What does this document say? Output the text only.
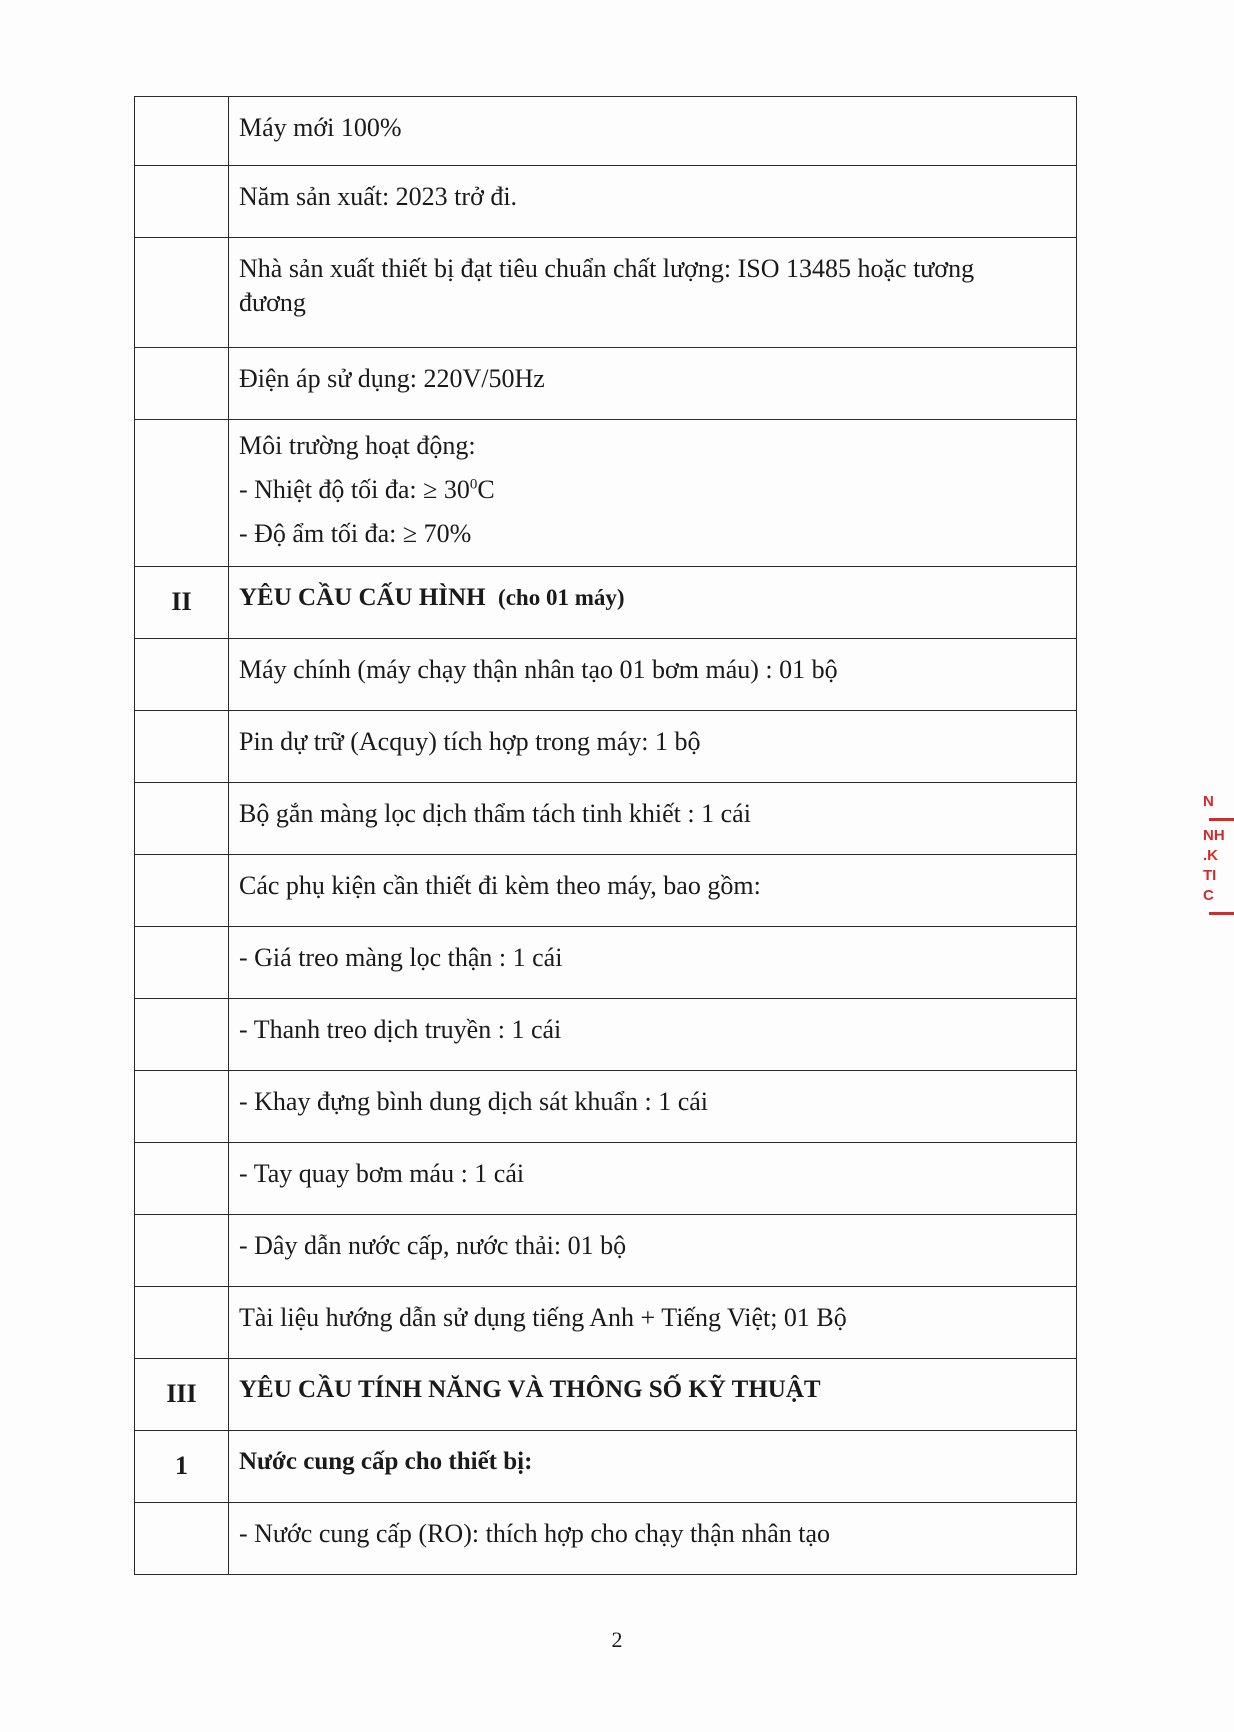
	Máy mới 100%

	Năm sản xuất: 2023 trở đi.

	Nhà sản xuất thiết bị đạt tiêu chuẩn chất lượng: ISO 13485 hoặc tương
đương

	Điện áp sử dụng: 220V/50Hz

	Môi trường hoạt động:
- Nhiệt độ tối đa: ≥ $30^0C$
- Độ ẩm tối đa: ≥ 70%

II	YÊU CẦU CẤU HÌNH (cho 01 máy)

	Máy chính (máy chạy thận nhân tạo 01 bơm máu) : 01 bộ

	Pin dự trữ (Acquy) tích hợp trong máy: 1 bộ

	Bộ gắn màng lọc dịch thẩm tách tinh khiết : 1 cái

	Các phụ kiện cần thiết đi kèm theo máy, bao gồm:

	- Giá treo màng lọc thận : 1 cái

	- Thanh treo dịch truyền : 1 cái

	- Khay đựng bình dung dịch sát khuẩn : 1 cái

	- Tay quay bơm máu : 1 cái

	- Dây dẫn nước cấp, nước thải: 01 bộ

	Tài liệu hướng dẫn sử dụng tiếng Anh + Tiếng Việt; 01 Bộ

III	YÊU CẦU TÍNH NĂNG VÀ THÔNG SỐ KỸ THUẬT
1	Nước cung cấp cho thiết bị:

	- Nước cung cấp (RO): thích hợp cho chạy thận nhân tạo
N
NH
.K
TI
C
2
